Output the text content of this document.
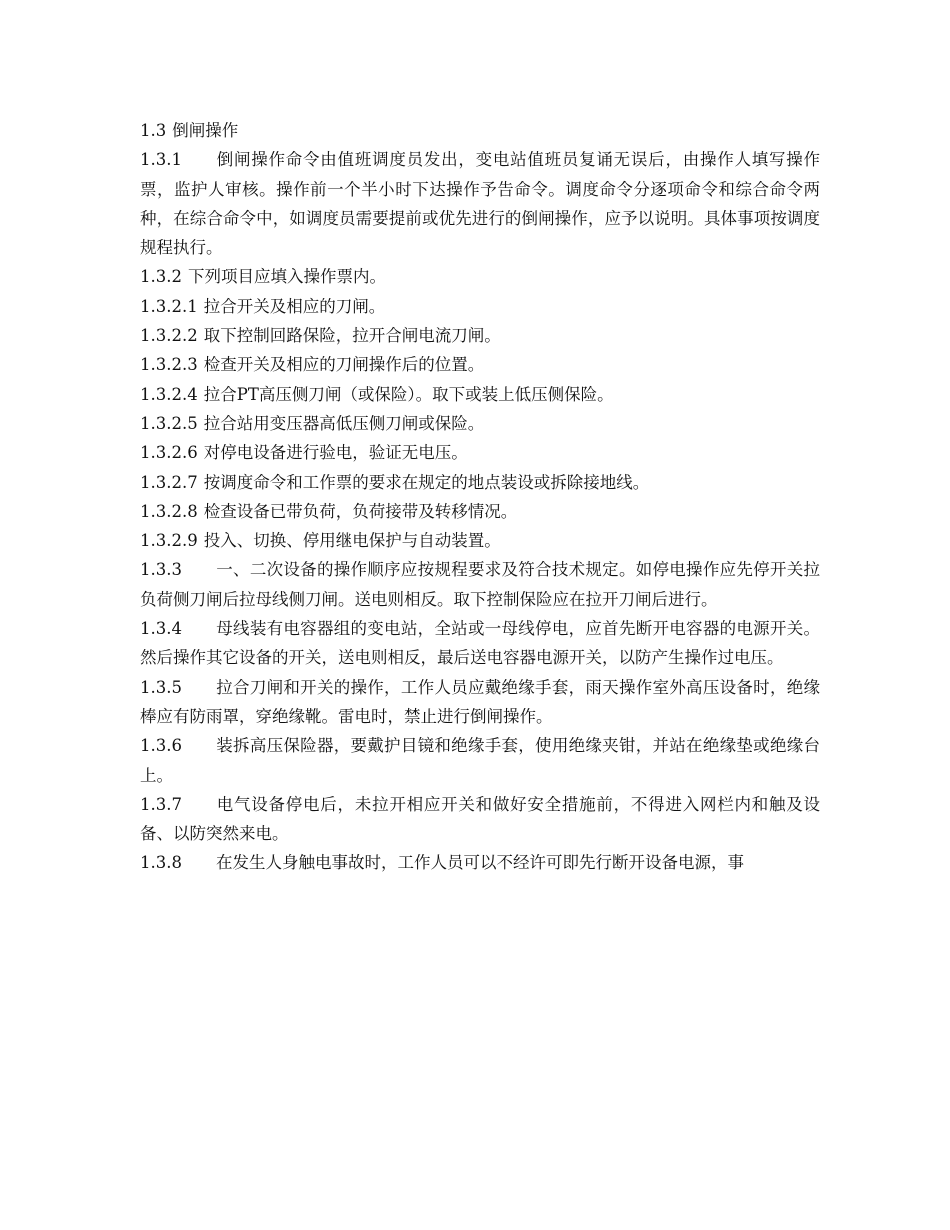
1.3 倒闸操作
1.3.1 倒闸操作命令由值班调度员发出，变电站值班员复诵无误后，由操作人填写操作票，监护人审核。操作前一个半小时下达操作予告命令。调度命令分逐项命令和综合命令两种，在综合命令中，如调度员需要提前或优先进行的倒闸操作，应予以说明。具体事项按调度规程执行。
1.3.2 下列项目应填入操作票内。
1.3.2.1 拉合开关及相应的刀闸。
1.3.2.2 取下控制回路保险，拉开合闸电流刀闸。
1.3.2.3 检查开关及相应的刀闸操作后的位置。
1.3.2.4 拉合PT高压侧刀闸（或保险）。取下或装上低压侧保险。
1.3.2.5 拉合站用变压器高低压侧刀闸或保险。
1.3.2.6 对停电设备进行验电，验证无电压。
1.3.2.7 按调度命令和工作票的要求在规定的地点装设或拆除接地线。
1.3.2.8 检查设备已带负荷，负荷接带及转移情况。
1.3.2.9 投入、切换、停用继电保护与自动装置。
1.3.3 一、二次设备的操作顺序应按规程要求及符合技术规定。如停电操作应先停开关拉负荷侧刀闸后拉母线侧刀闸。送电则相反。取下控制保险应在拉开刀闸后进行。
1.3.4 母线装有电容器组的变电站，全站或一母线停电，应首先断开电容器的电源开关。然后操作其它设备的开关，送电则相反，最后送电容器电源开关，以防产生操作过电压。
1.3.5 拉合刀闸和开关的操作，工作人员应戴绝缘手套，雨天操作室外高压设备时，绝缘棒应有防雨罩，穿绝缘靴。雷电时，禁止进行倒闸操作。
1.3.6 装拆高压保险器，要戴护目镜和绝缘手套，使用绝缘夹钳，并站在绝缘垫或绝缘台上。
1.3.7 电气设备停电后，未拉开相应开关和做好安全措施前，不得进入网栏内和触及设备、以防突然来电。
1.3.8 在发生人身触电事故时，工作人员可以不经许可即先行断开设备电源，事
